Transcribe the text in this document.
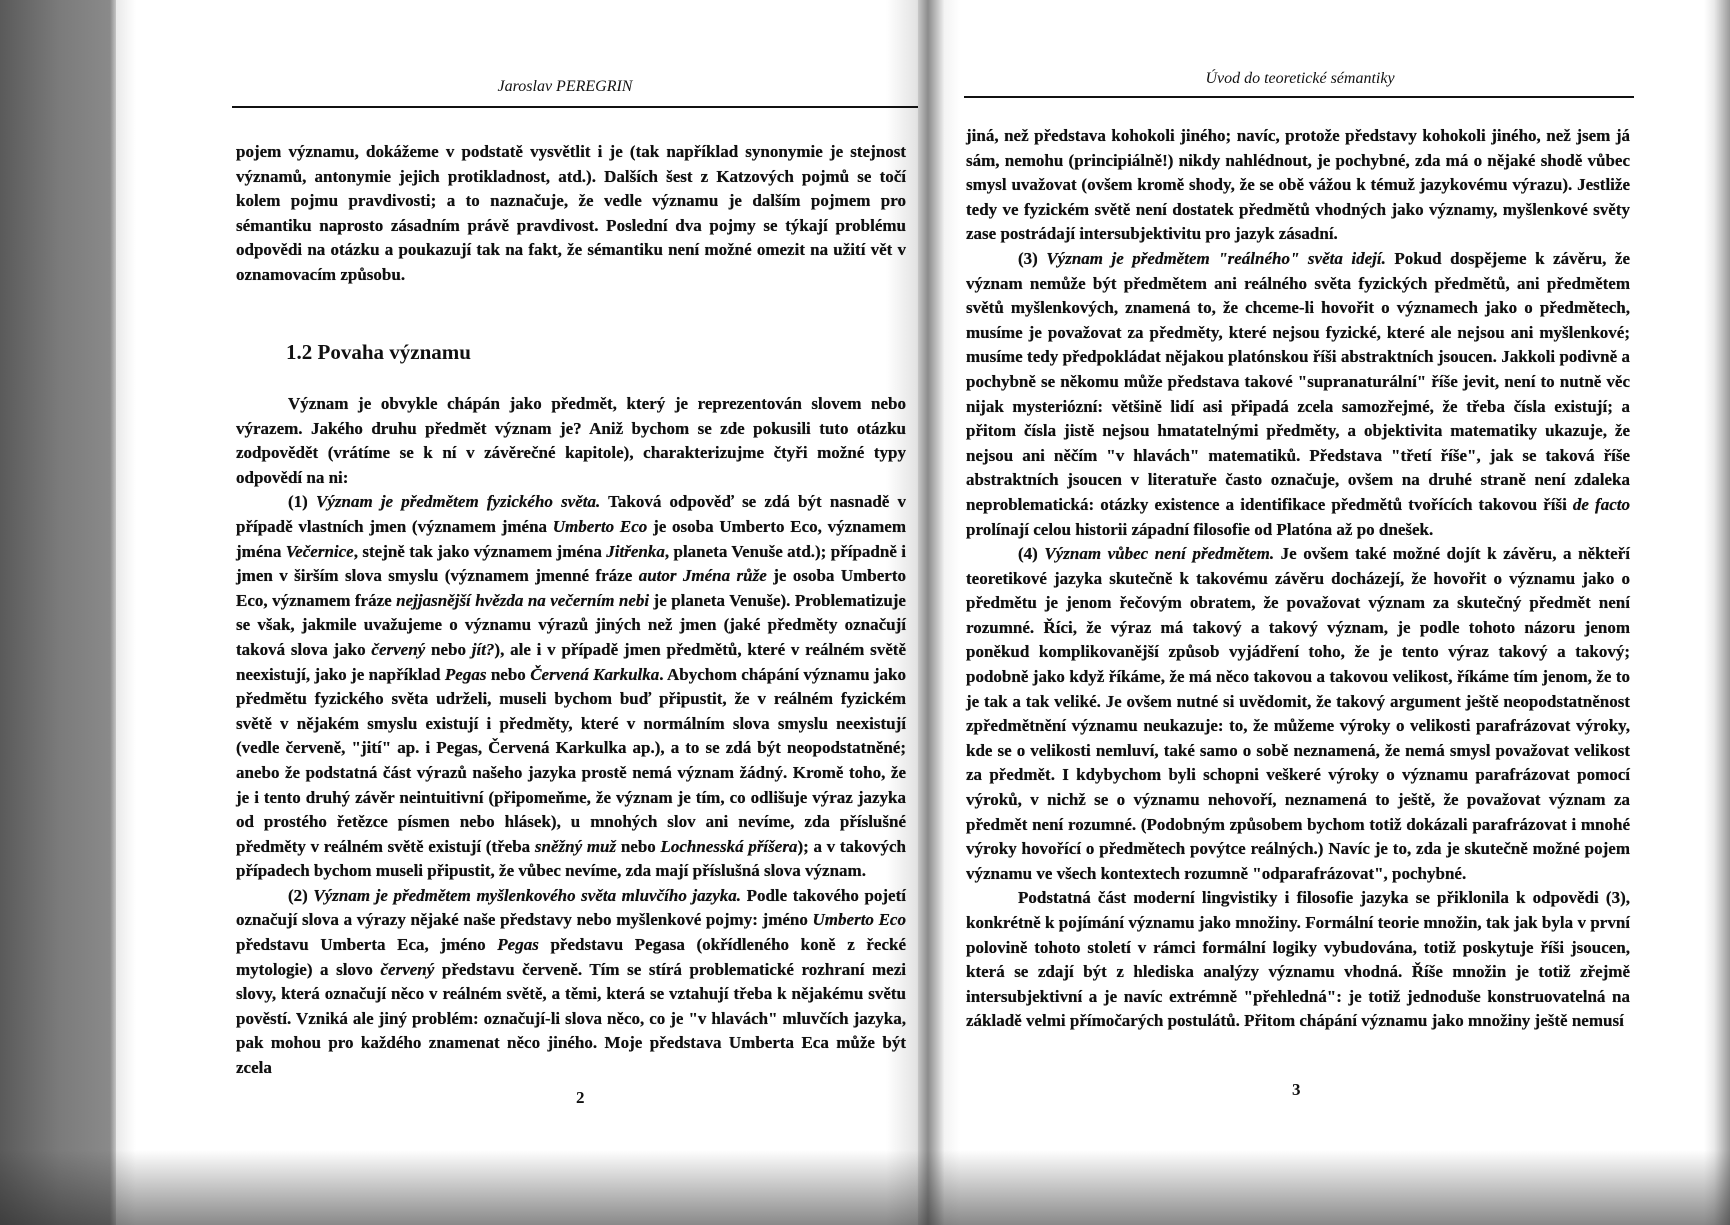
Jaroslav PEREGRIN

pojem významu, dokážeme v podstatě vysvětlit i je (tak například synonymie je stejnost významů, antonymie jejich protikladnost, atd.). Dalších šest z Katzových pojmů se točí kolem pojmu pravdivosti; a to naznačuje, že vedle významu je dalším pojmem pro sémantiku naprosto zásadním právě pravdivost. Poslední dva pojmy se týkají problému odpovědi na otázku a poukazují tak na fakt, že sémantiku není možné omezit na užití vět v oznamovacím způsobu.

1.2 Povaha významu

Význam je obvykle chápán jako předmět, který je reprezentován slovem nebo výrazem. Jakého druhu předmět význam je? Aniž bychom se zde pokusili tuto otázku zodpovědět (vrátíme se k ní v závěrečné kapitole), charakterizujme čtyři možné typy odpovědí na ni:

(1) Význam je předmětem fyzického světa. Taková odpověď se zdá být nasnadě v případě vlastních jmen (významem jména Umberto Eco je osoba Umberto Eco, významem jména Večernice, stejně tak jako významem jména Jitřenka, planeta Venuše atd.); případně i jmen v širším slova smyslu (významem jmenné fráze autor Jména růže je osoba Umberto Eco, významem fráze nejjasnější hvězda na večerním nebi je planeta Venuše). Problematizuje se však, jakmile uvažujeme o významu výrazů jiných než jmen (jaké předměty označují taková slova jako červený nebo jít?), ale i v případě jmen předmětů, které v reálném světě neexistují, jako je například Pegas nebo Červená Karkulka. Abychom chápání významu jako předmětu fyzického světa udrželi, museli bychom buď připustit, že v reálném fyzickém světě v nějakém smyslu existují i předměty, které v normálním slova smyslu neexistují (vedle červeně, "jití" ap. i Pegas, Červená Karkulka ap.), a to se zdá být neopodstatněné; anebo že podstatná část výrazů našeho jazyka prostě nemá význam žádný. Kromě toho, že je i tento druhý závěr neintuitivní (připomeňme, že význam je tím, co odlišuje výraz jazyka od prostého řetězce písmen nebo hlásek), u mnohých slov ani nevíme, zda příslušné předměty v reálném světě existují (třeba sněžný muž nebo Lochnesská příšera); a v takových případech bychom museli připustit, že vůbec nevíme, zda mají příslušná slova význam.

(2) Význam je předmětem myšlenkového světa mluvčího jazyka. Podle takového pojetí označují slova a výrazy nějaké naše představy nebo myšlenkové pojmy: jméno Umberto Eco představu Umberta Eca, jméno Pegas představu Pegasa (okřídleného koně z řecké mytologie) a slovo červený představu červeně. Tím se stírá problematické rozhraní mezi slovy, která označují něco v reálném světě, a těmi, která se vztahují třeba k nějakému světu pověstí. Vzniká ale jiný problém: označují-li slova něco, co je "v hlavách" mluvčích jazyka, pak mohou pro každého znamenat něco jiného. Moje představa Umberta Eca může být zcela

2
Úvod do teoretické sémantiky

jiná, než představa kohokoli jiného; navíc, protože představy kohokoli jiného, než jsem já sám, nemohu (principiálně!) nikdy nahlédnout, je pochybné, zda má o nějaké shodě vůbec smysl uvažovat (ovšem kromě shody, že se obě vážou k témuž jazykovému výrazu). Jestliže tedy ve fyzickém světě není dostatek předmětů vhodných jako významy, myšlenkové světy zase postrádají intersubjektivitu pro jazyk zásadní.

(3) Význam je předmětem "reálného" světa idejí. Pokud dospějeme k závěru, že význam nemůže být předmětem ani reálného světa fyzických předmětů, ani předmětem světů myšlenkových, znamená to, že chceme-li hovořit o významech jako o předmětech, musíme je považovat za předměty, které nejsou fyzické, které ale nejsou ani myšlenkové; musíme tedy předpokládat nějakou platónskou říši abstraktních jsoucen. Jakkoli podivně a pochybně se někomu může představa takové "supranaturální" říše jevit, není to nutně věc nijak mysteriózní: většině lidí asi připadá zcela samozřejmé, že třeba čísla existují; a přitom čísla jistě nejsou hmatatelnými předměty, a objektivita matematiky ukazuje, že nejsou ani něčím "v hlavách" matematiků. Představa "třetí říše", jak se taková říše abstraktních jsoucen v literatuře často označuje, ovšem na druhé straně není zdaleka neproblematická: otázky existence a identifikace předmětů tvořících takovou říši de facto prolínají celou historii západní filosofie od Platóna až po dnešek.

(4) Význam vůbec není předmětem. Je ovšem také možné dojít k závěru, a někteří teoretikové jazyka skutečně k takovému závěru docházejí, že hovořit o významu jako o předmětu je jenom řečovým obratem, že považovat význam za skutečný předmět není rozumné. Říci, že výraz má takový a takový význam, je podle tohoto názoru jenom poněkud komplikovanější způsob vyjádření toho, že je tento výraz takový a takový; podobně jako když říkáme, že má něco takovou a takovou velikost, říkáme tím jenom, že to je tak a tak veliké. Je ovšem nutné si uvědomit, že takový argument ještě neopodstatněnost zpředmětnění významu neukazuje: to, že můžeme výroky o velikosti parafrázovat výroky, kde se o velikosti nemluví, také samo o sobě neznamená, že nemá smysl považovat velikost za předmět. I kdybychom byli schopni veškeré výroky o významu parafrázovat pomocí výroků, v nichž se o významu nehovoří, neznamená to ještě, že považovat význam za předmět není rozumné. (Podobným způsobem bychom totiž dokázali parafrázovat i mnohé výroky hovořící o předmětech povýtce reálných.) Navíc je to, zda je skutečně možné pojem významu ve všech kontextech rozumně "odparafrázovat", pochybné.

Podstatná část moderní lingvistiky i filosofie jazyka se přiklonila k odpovědi (3), konkrétně k pojímání významu jako množiny. Formální teorie množin, tak jak byla v první polovině tohoto století v rámci formální logiky vybudována, totiž poskytuje říši jsoucen, která se zdají být z hlediska analýzy významu vhodná. Říše množin je totiž zřejmě intersubjektivní a je navíc extrémně "přehledná": je totiž jednoduše konstruovatelná na základě velmi přímočarých postulátů. Přitom chápání významu jako množiny ještě nemusí

3
